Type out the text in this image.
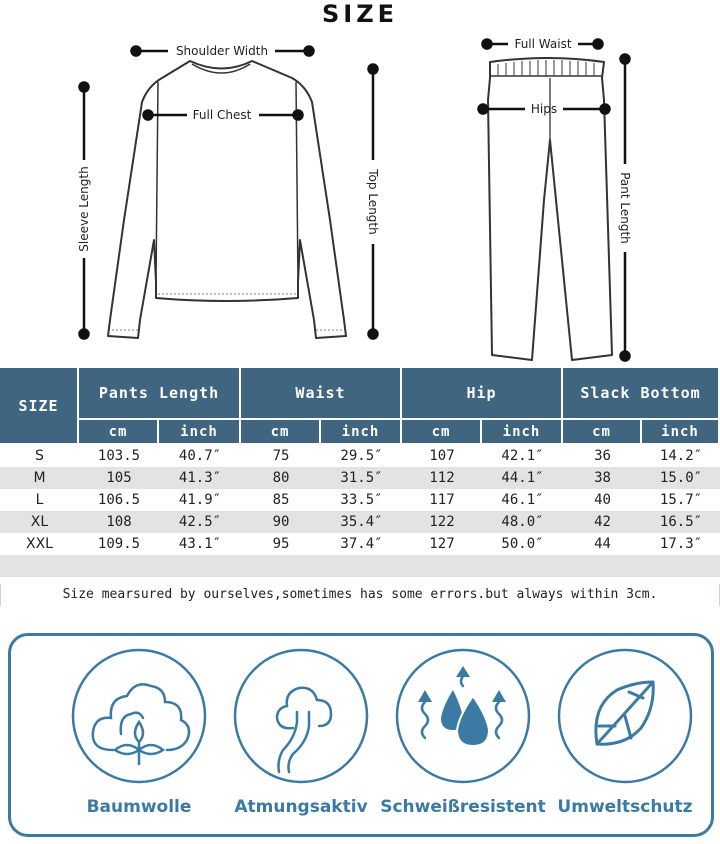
SIZE
Shoulder Width
Full Chest
Sleeve Length	Top Length
Full Waist
Hips
Pant Length
SIZE	Pants Length		Waist		Hip		Slack Bottom	
	cm	inch	cm	inch	cm	inch	cm	inch
S	103.5	40.7″	75	29.5″	107	42.1″	36	14.2″
M	105	41.3″	80	31.5″	112	44.1″	38	15.0″
L	106.5	41.9″	85	33.5″	117	46.1″	40	15.7″
XL	108	42.5″	90	35.4″	122	48.0″	42	16.5″
XXL	109.5	43.1″	95	37.4″	127	50.0″	44	17.3″

Size mearsured by ourselves,sometimes has some errors.but always within 3cm.
Baumwolle	Atmungsaktiv Schweißresistent Umweltschutz
